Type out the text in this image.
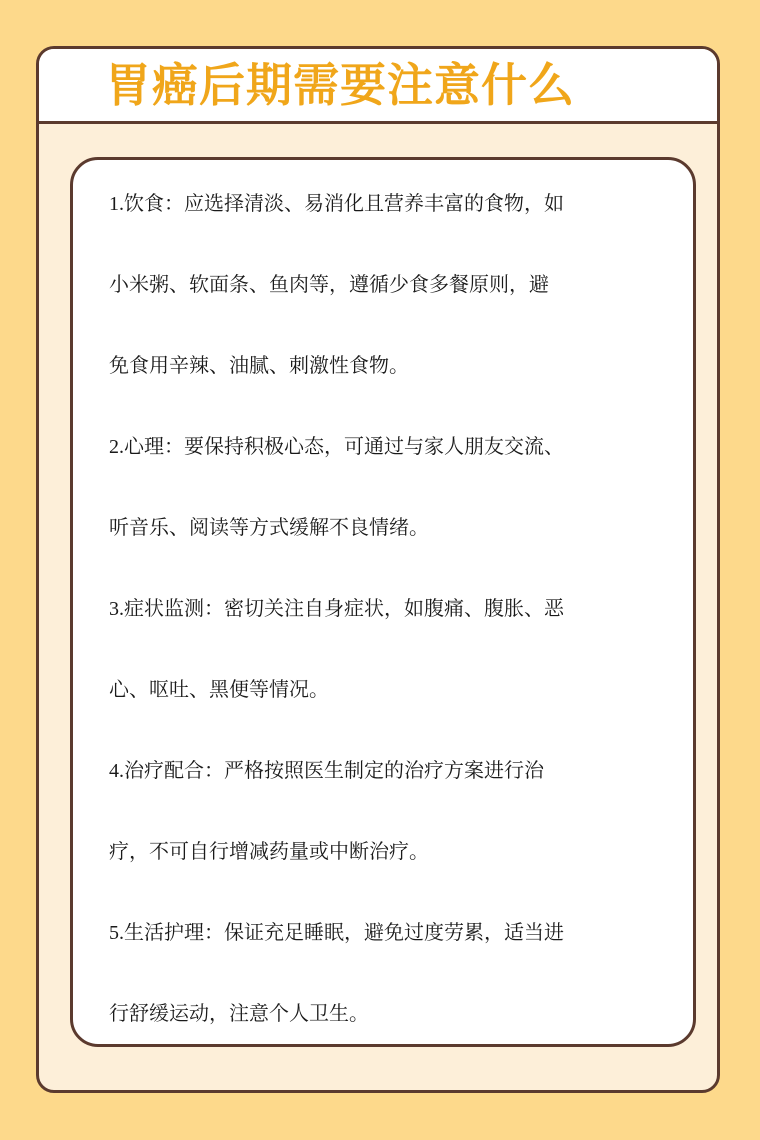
胃癌后期需要注意什么
1.饮食：应选择清淡、易消化且营养丰富的食物，如
小米粥、软面条、鱼肉等，遵循少食多餐原则，避
免食用辛辣、油腻、刺激性食物。
2.心理：要保持积极心态，可通过与家人朋友交流、
听音乐、阅读等方式缓解不良情绪。
3.症状监测：密切关注自身症状，如腹痛、腹胀、恶
心、呕吐、黑便等情况。
4.治疗配合：严格按照医生制定的治疗方案进行治
疗，不可自行增减药量或中断治疗。
5.生活护理：保证充足睡眠，避免过度劳累，适当进
行舒缓运动，注意个人卫生。
